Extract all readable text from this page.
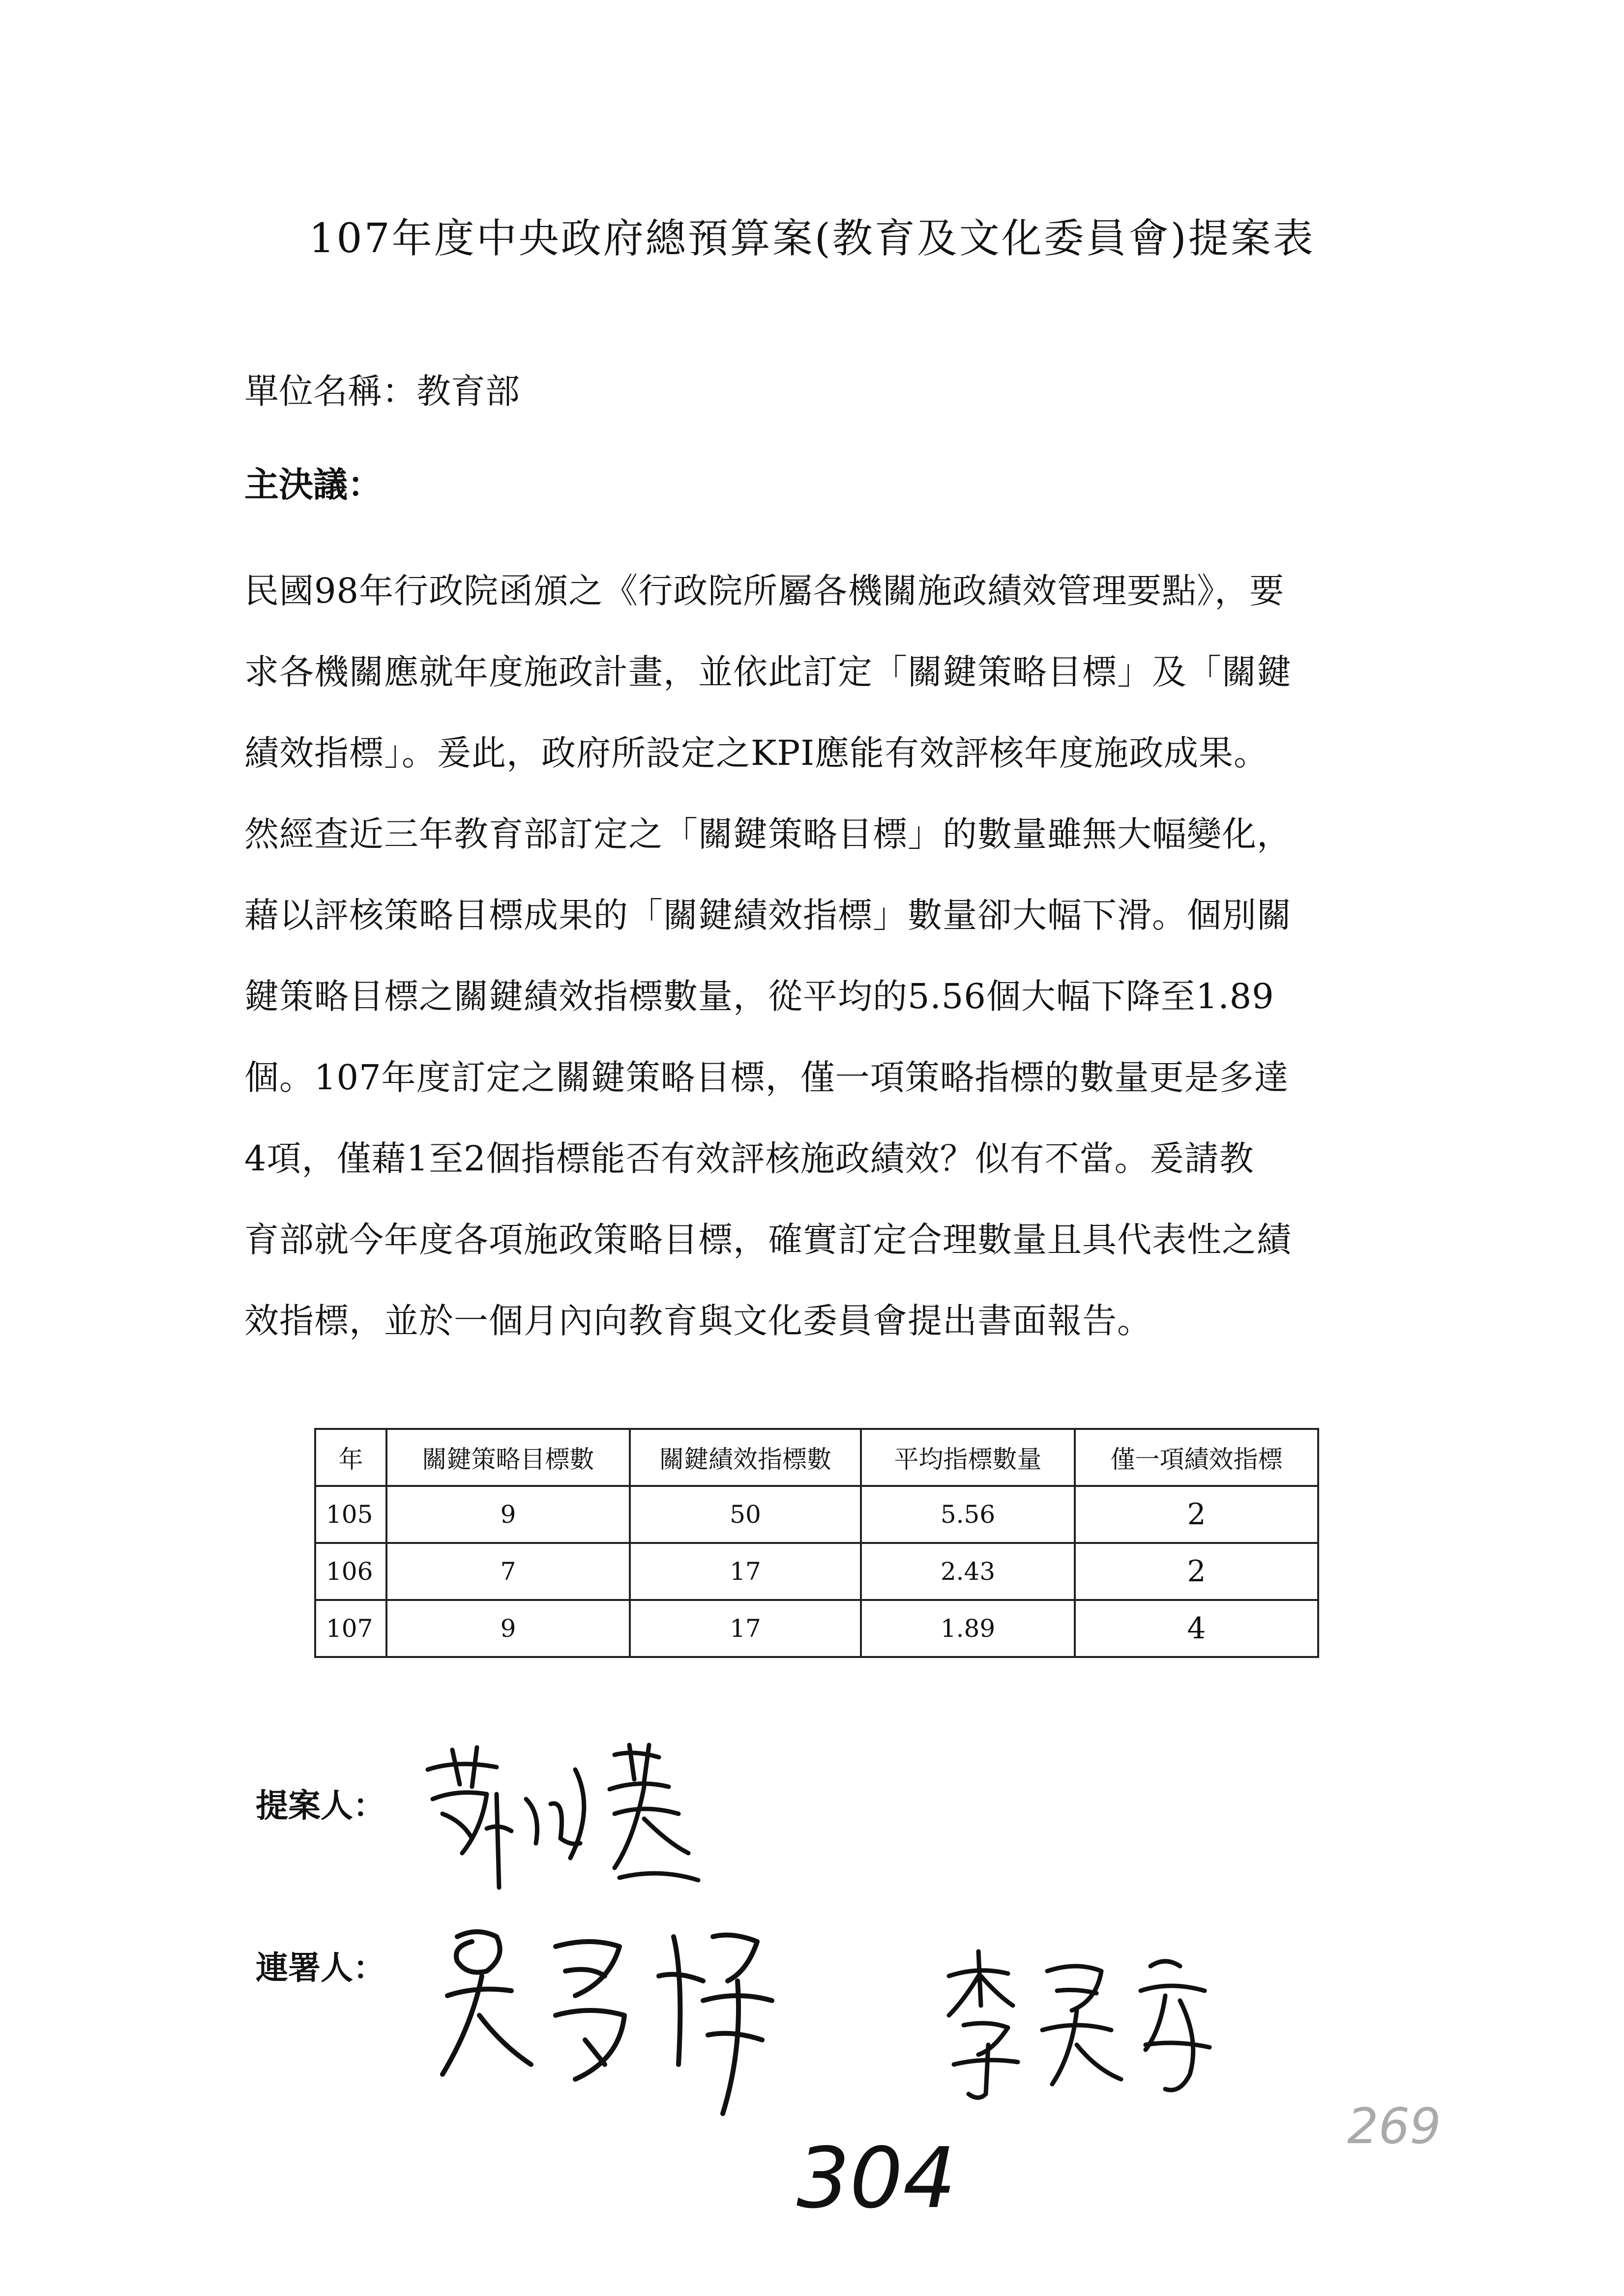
107年度中央政府總預算案(教育及文化委員會)提案表
單位名稱：教育部
主決議：
民國98年行政院函頒之《行政院所屬各機關施政績效管理要點》，要
求各機關應就年度施政計畫，並依此訂定「關鍵策略目標」及「關鍵
績效指標」。爰此，政府所設定之KPI應能有效評核年度施政成果。
然經查近三年教育部訂定之「關鍵策略目標」的數量雖無大幅變化，
藉以評核策略目標成果的「關鍵績效指標」數量卻大幅下滑。個別關
鍵策略目標之關鍵績效指標數量，從平均的5.56個大幅下降至1.89
個。107年度訂定之關鍵策略目標，僅一項策略指標的數量更是多達
4項，僅藉1至2個指標能否有效評核施政績效？似有不當。爰請教
育部就今年度各項施政策略目標，確實訂定合理數量且具代表性之績
效指標，並於一個月內向教育與文化委員會提出書面報告。
年	關鍵策略目標數	關鍵績效指標數	平均指標數量	僅一項績效指標
105	9	50	5.56	2
106	7	17	2.43	2
107	9	17	1.89	4
提案人：
連署人：
304
269
